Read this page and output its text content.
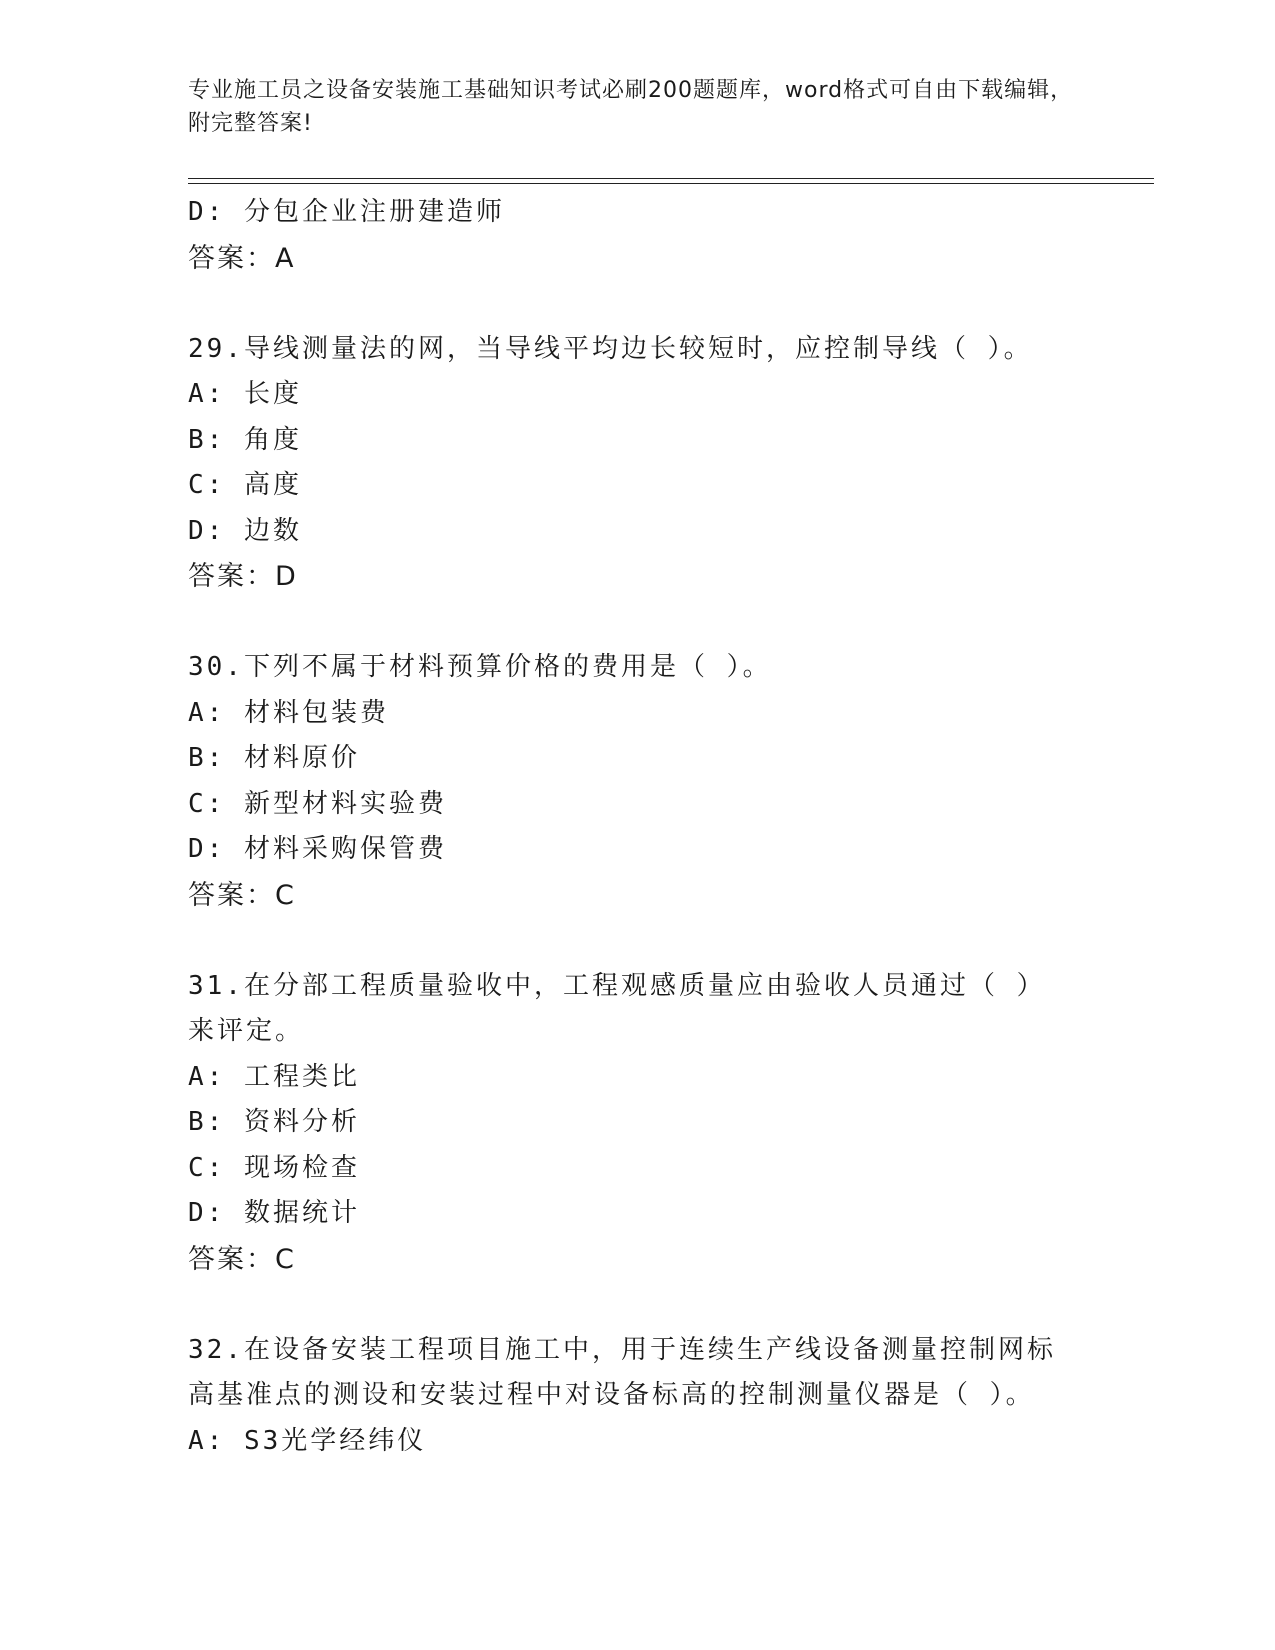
专业施工员之设备安装施工基础知识考试必刷200题题库，word格式可自由下载编辑，附完整答案!
D: 分包企业注册建造师
答案：A
29.导线测量法的网，当导线平均边长较短时，应控制导线（ ）。
A: 长度
B: 角度
C: 高度
D: 边数
答案：D
30.下列不属于材料预算价格的费用是（ ）。
A: 材料包装费
B: 材料原价
C: 新型材料实验费
D: 材料采购保管费
答案：C
31.在分部工程质量验收中，工程观感质量应由验收人员通过（ ）来评定。
A: 工程类比
B: 资料分析
C: 现场检查
D: 数据统计
答案：C
32.在设备安装工程项目施工中，用于连续生产线设备测量控制网标高基准点的测设和安装过程中对设备标高的控制测量仪器是（ ）。
A: S3光学经纬仪
